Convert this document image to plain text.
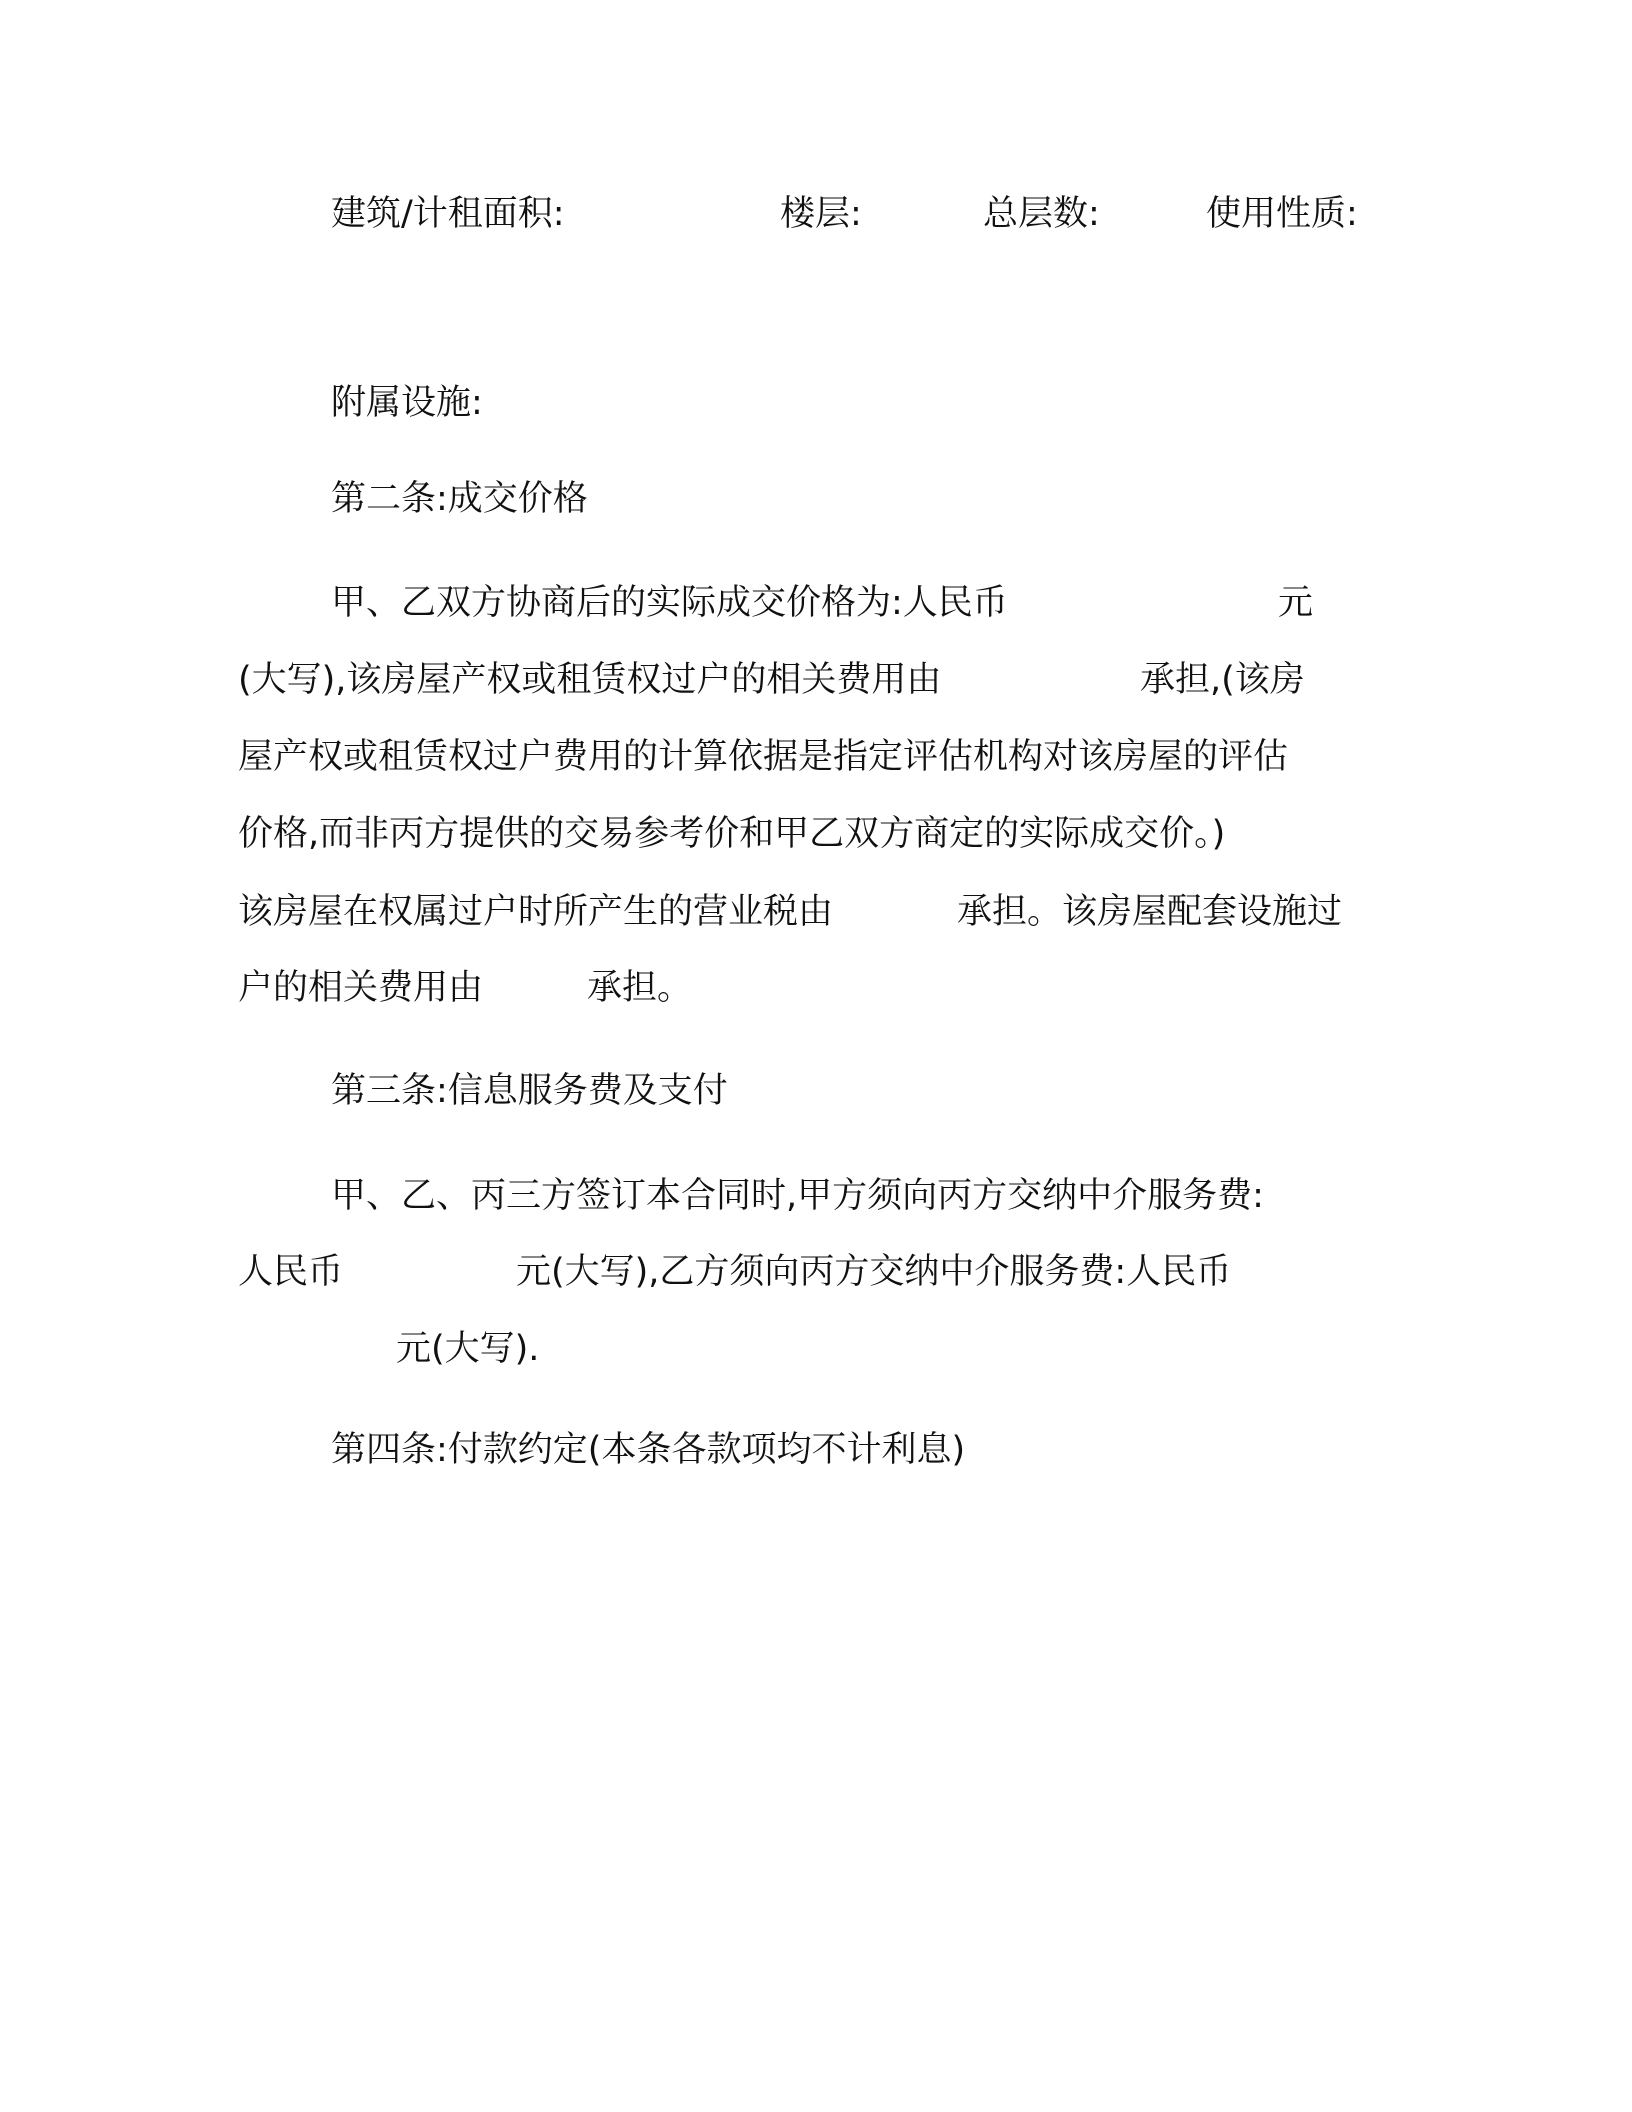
建筑/计租面积:	楼层:	总层数:	使用性质:
附属设施:
第二条:成交价格
甲、乙双方协商后的实际成交价格为:人民币	元
(大写),该房屋产权或租赁权过户的相关费用由	承担,(该房
屋产权或租赁权过户费用的计算依据是指定评估机构对该房屋的评估
价格,而非丙方提供的交易参考价和甲乙双方商定的实际成交价。)
该房屋在权属过户时所产生的营业税由	承担。该房屋配套设施过
户的相关费用由	承担。
第三条:信息服务费及支付
甲、乙、丙三方签订本合同时,甲方须向丙方交纳中介服务费:
人民币	元(大写),乙方须向丙方交纳中介服务费:人民币
元(大写).
第四条:付款约定(本条各款项均不计利息)
